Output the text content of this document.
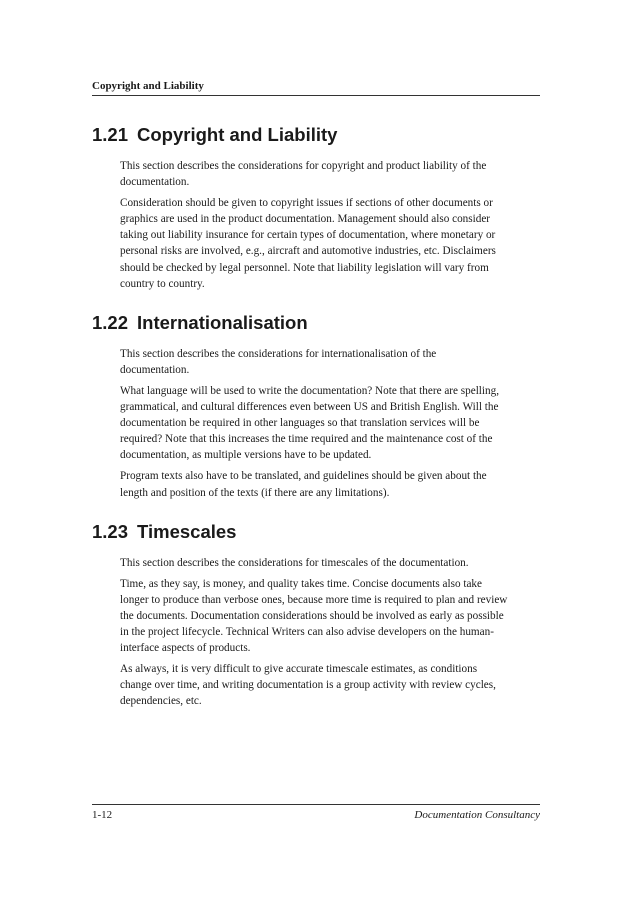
Copyright and Liability
1.21 Copyright and Liability

This section describes the considerations for copyright and product liability of the documentation.

Consideration should be given to copyright issues if sections of other documents or graphics are used in the product documentation. Management should also consider taking out liability insurance for certain types of documentation, where monetary or personal risks are involved, e.g., aircraft and automotive industries, etc. Disclaimers should be checked by legal personnel. Note that liability legislation will vary from country to country.

1.22 Internationalisation

This section describes the considerations for internationalisation of the documentation.

What language will be used to write the documentation? Note that there are spelling, grammatical, and cultural differences even between US and British English. Will the documentation be required in other languages so that translation services will be required? Note that this increases the time required and the maintenance cost of the documentation, as multiple versions have to be updated.

Program texts also have to be translated, and guidelines should be given about the length and position of the texts (if there are any limitations).

1.23 Timescales

This section describes the considerations for timescales of the documentation.

Time, as they say, is money, and quality takes time. Concise documents also take longer to produce than verbose ones, because more time is required to plan and review the documents. Documentation considerations should be involved as early as possible in the project lifecycle. Technical Writers can also advise developers on the human-interface aspects of products.

As always, it is very difficult to give accurate timescale estimates, as conditions change over time, and writing documentation is a group activity with review cycles, dependencies, etc.

1-12	Documentation Consultancy
